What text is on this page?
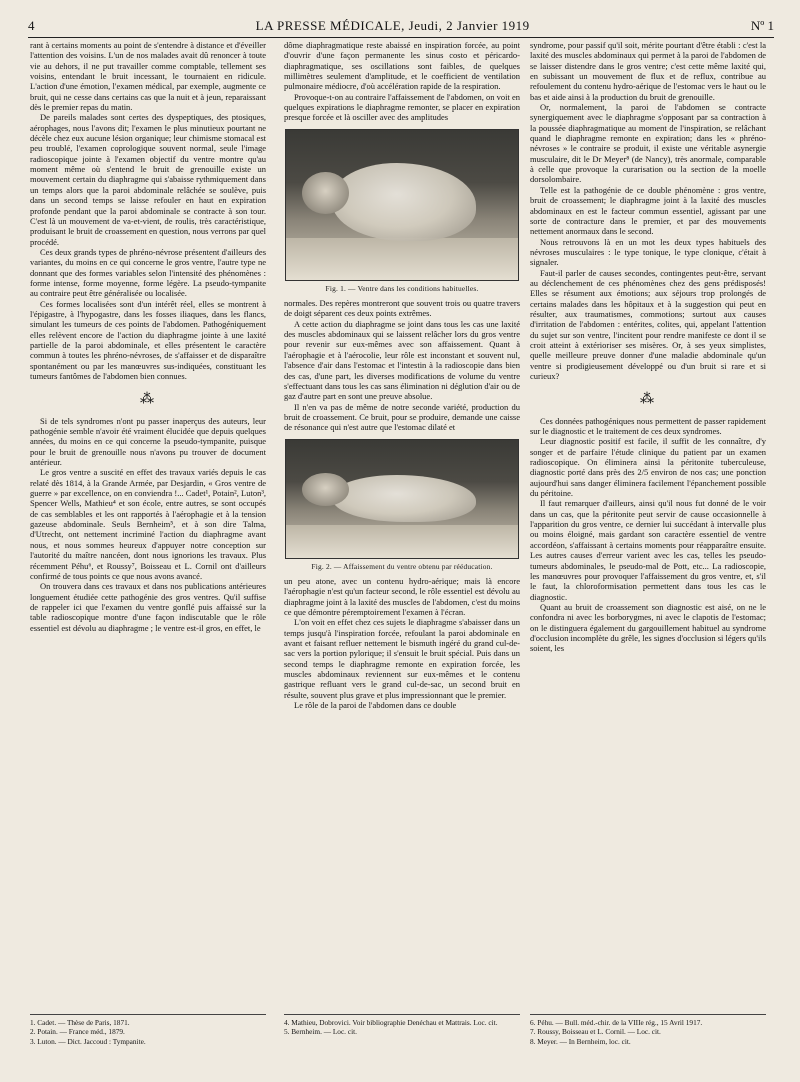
4	LA PRESSE MÉDICALE, Jeudi, 2 Janvier 1919	Nº 1

rant à certains moments au point de s'entendre à distance et d'éveiller l'attention des voisins. L'un de nos malades avait dû renoncer à toute vie au dehors, il ne put travailler comme comptable, tellement ses voisins, entendant le bruit incessant, le tournaient en ridicule. L'action d'une émotion, l'examen médical, par exemple, augmente ce bruit, qui ne cesse dans certains cas que la nuit et à jeun, reparaissant dès le premier repas du matin.

De pareils malades sont certes des dyspeptiques, des ptosiques, aérophages, nous l'avons dit; l'examen le plus minutieux pourtant ne décèle chez eux aucune lésion organique; leur chimisme stomacal est peu troublé, l'examen coprologique souvent normal, seule l'image radioscopique jointe à l'examen objectif du ventre montre qu'au moment même où s'entend le bruit de grenouille existe un mouvement certain du diaphragme qui s'abaisse rythmiquement dans un temps alors que la paroi abdominale relâchée se soulève, puis dans un second temps se laisse refouler en haut en expiration profonde pendant que la paroi abdominale se contracte à son tour. C'est là un mouvement de va-et-vient, de roulis, très caractéristique, produisant le bruit de croassement en question, nous verrons par quel procédé.

Ces deux grands types de phréno-névrose présentent d'ailleurs des variantes, du moins en ce qui concerne le gros ventre, l'autre type ne donnant que des formes variables selon l'intensité des phénomènes : forme intense, forme moyenne, forme légère. La pseudo-tympanite au contraire peut être généralisée ou localisée.

Ces formes localisées sont d'un intérêt réel, elles se montrent à l'épigastre, à l'hypogastre, dans les fosses iliaques, dans les flancs, simulant les tumeurs de ces points de l'abdomen. Pathogéniquement elles relèvent encore de l'action du diaphragme jointe à une laxité partielle de la paroi abdominale, et elles présentent le caractère commun à toutes les phréno-névroses, de s'affaisser et de disparaître spontanément ou par les manœuvres sus-indiquées, constituant les tumeurs fantômes de l'abdomen bien connues.

⁂

Si de tels syndromes n'ont pu passer inaperçus des auteurs, leur pathogénie semble n'avoir été vraiment élucidée que depuis quelques années, du moins en ce qui concerne la pseudo-tympanite, puisque pour le bruit de grenouille nous n'avons pu trouver de document antérieur.

Le gros ventre a suscité en effet des travaux variés depuis le cas relaté dès 1814, à la Grande Armée, par Desjardin, « Gros ventre de guerre » par excellence, on en conviendra !... Cadet¹, Potain², Luton³, Spencer Wells, Mathieu⁴ et son école, entre autres, se sont occupés de cas semblables et les ont rapportés à l'aérophagie et à la tension gazeuse abdominale. Seuls Bernheim⁵, et à son dire Talma, d'Utrecht, ont nettement incriminé l'action du diaphragme avant nous, et nous sommes heureux d'appuyer notre conception sur l'autorité du maître nancéen, dont nous ignorions les travaux. Plus récemment Péhu⁶, et Roussy⁷, Boisseau et L. Cornil ont d'ailleurs confirmé de tous points ce que nous avons avancé.

On trouvera dans ces travaux et dans nos publications antérieures longuement étudiée cette pathogénie des gros ventres. Qu'il suffise de rappeler ici que l'examen du ventre gonflé puis affaissé sur la table radioscopique montre d'une façon indiscutable que le rôle essentiel est dévolu au diaphragme ; le ventre est-il gros, en effet, le

dôme diaphragmatique reste abaissé en inspiration forcée, au point d'ouvrir d'une façon permanente les sinus costo et péricardo-diaphragmatique, ses oscillations sont faibles, de quelques millimètres seulement d'amplitude, et le coefficient de ventilation pulmonaire médiocre, d'où accélération rapide de la respiration.

Provoque-t-on au contraire l'affaissement de l'abdomen, on voit en quelques expirations le diaphragme remonter, se placer en expiration presque forcée et là osciller avec des amplitudes

Fig. 1. — Ventre dans les conditions habituelles.

normales. Des repères montreront que souvent trois ou quatre travers de doigt séparent ces deux points extrêmes.

A cette action du diaphragme se joint dans tous les cas une laxité des muscles abdominaux qui se laissent relâcher lors du gros ventre pour revenir sur eux-mêmes avec son affaissement. Quant à l'aérophagie et à l'aérocolie, leur rôle est inconstant et souvent nul, l'absence d'air dans l'estomac et l'intestin à la radioscopie dans bien des cas, d'une part, les diverses modifications de volume du ventre s'effectuant dans tous les cas sans élimination ni déglution d'air ou de gaz d'autre part en sont une preuve absolue.

Il n'en va pas de même de notre seconde variété, production du bruit de croassement. Ce bruit, pour se produire, demande une caisse de résonance qui n'est autre que l'estomac dilaté et

Fig. 2. — Affaissement du ventre obtenu par rééducation.

un peu atone, avec un contenu hydro-aérique; mais là encore l'aérophagie n'est qu'un facteur second, le rôle essentiel est dévolu au diaphragme joint à la laxité des muscles de l'abdomen, c'est du moins ce que démontre péremptoirement l'examen à l'écran.

L'on voit en effet chez ces sujets le diaphragme s'abaisser dans un temps jusqu'à l'inspiration forcée, refoulant la paroi abdominale en avant et faisant refluer nettement le bismuth ingéré du grand cul-de-sac vers la portion pylorique; il s'ensuit le bruit spécial. Puis dans un second temps le diaphragme remonte en expiration forcée, les muscles abdominaux reviennent sur eux-mêmes et le contenu gastrique refluant vers le grand cul-de-sac, un second bruit en résulte, souvent plus grave et plus impressionnant que le premier.

Le rôle de la paroi de l'abdomen dans ce double

syndrome, pour passif qu'il soit, mérite pourtant d'être établi : c'est la laxité des muscles abdominaux qui permet à la paroi de l'abdomen de se laisser distendre dans le gros ventre; c'est cette même laxité qui, en subissant un mouvement de flux et de reflux, contribue au refoulement du contenu hydro-aérique de l'estomac vers le haut ou le bas et aide ainsi à la production du bruit de grenouille.

Or, normalement, la paroi de l'abdomen se contracte synergiquement avec le diaphragme s'opposant par sa contraction à la poussée diaphragmatique au moment de l'inspiration, se relâchant quand le diaphragme remonte en expiration; dans les « phréno-névroses » le contraire se produit, il existe une véritable asynergie musculaire, dit le Dr Meyer⁸ (de Nancy), très anormale, comparable à celle que provoque la curarisation ou la section de la moelle dorsolombaire.

Telle est la pathogénie de ce double phénomène : gros ventre, bruit de croassement; le diaphragme joint à la laxité des muscles abdominaux en est le facteur commun essentiel, agissant par une sorte de contracture dans le premier, et par des mouvements nettement anormaux dans le second.

Nous retrouvons là en un mot les deux types habituels des névroses musculaires : le type tonique, le type clonique, c'était à signaler.

Faut-il parler de causes secondes, contingentes peut-être, servant au déclenchement de ces phénomènes chez des gens prédisposés! Elles se résument aux émotions; aux séjours trop prolongés de certains malades dans les hôpitaux et à la suggestion qui peut en résulter, aux traumatismes, commotions; surtout aux causes d'irritation de l'abdomen : entérites, colites, qui, appelant l'attention du sujet sur son ventre, l'incitent pour rendre manifeste ce dont il se croit atteint à extérioriser ses misères. Or, à ses yeux simplistes, quelle meilleure preuve donner d'une maladie abdominale qu'un ventre si prodigieusement développé ou d'un bruit si rare et si curieux?

⁂

Ces données pathogéniques nous permettent de passer rapidement sur le diagnostic et le traitement de ces deux syndromes.

Leur diagnostic positif est facile, il suffit de les connaître, d'y songer et de parfaire l'étude clinique du patient par un examen radioscopique. On éliminera ainsi la péritonite tuberculeuse, diagnostic porté dans près des 2/5 environ de nos cas; une ponction aujourd'hui sans danger éliminera facilement l'épanchement possible du péritoine.

Il faut remarquer d'ailleurs, ainsi qu'il nous fut donné de le voir dans un cas, que la péritonite peut servir de cause occasionnelle à l'apparition du gros ventre, ce dernier lui succédant à intervalle plus ou moins éloigné, mais gardant son caractère essentiel de ventre accordéon, s'affaissant à certains moments pour réapparaître ensuite. Les autres causes d'erreur varient avec les cas, telles les pseudo-tumeurs abdominales, le pseudo-mal de Pott, etc... La radioscopie, les manœuvres pour provoquer l'affaissement du gros ventre, et, s'il le faut, la chloroformisation permettent dans tous les cas le diagnostic.

Quant au bruit de croassement son diagnostic est aisé, on ne le confondra ni avec les borborygmes, ni avec le clapotis de l'estomac; on le distinguera également du gargouillement habituel au syndrome d'occlusion incomplète du grêle, les signes d'occlusion si légers qu'ils soient, les

1. Cadet. — Thèse de Paris, 1871.
2. Potain. — France méd., 1879.
3. Luton. — Dict. Jaccoud : Tympanite.
4. Mathieu, Dobrovici. Voir bibliographie Denéchau et Mattrais. Loc. cit.
5. Bernheim. — Loc. cit.
6. Péhu. — Bull. méd.-chir. de la VIIIe rég., 15 Avril 1917.
7. Roussy, Boisseau et L. Cornil. — Loc. cit.
8. Meyer. — In Bernheim, loc. cit.
